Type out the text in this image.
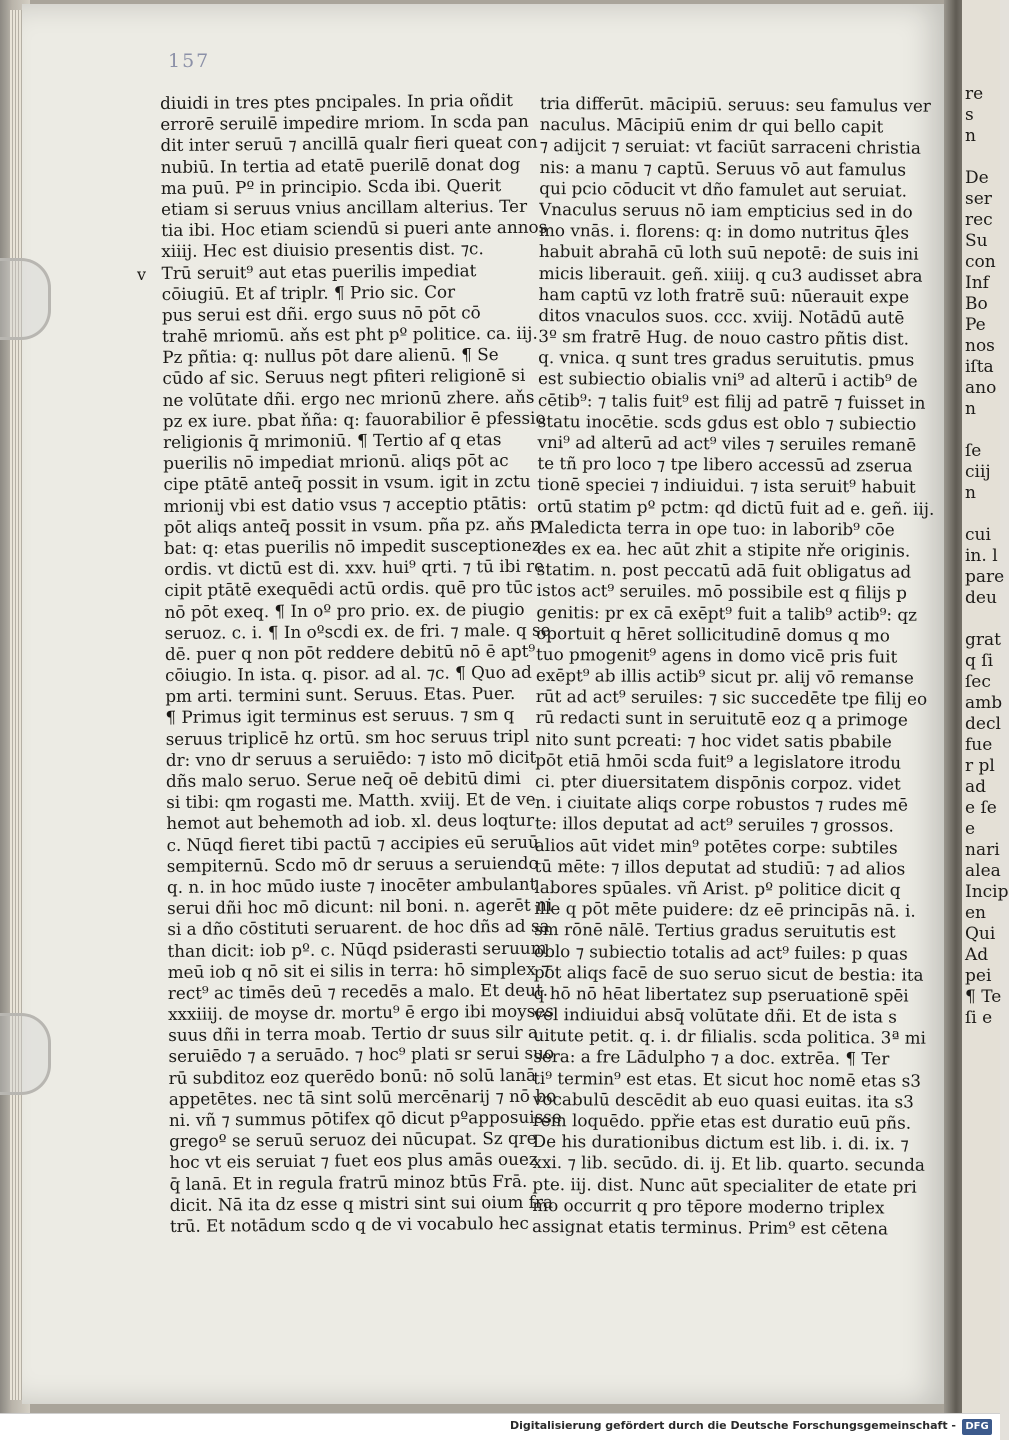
re
s
n

De
ser
rec
Su
con
Inf
Bo
Pe
nos
iſta
ano
n

ſe
ciij
n

cui
in. l
pare
deu

grat
q ſi
ſec
amb
decl
fue
r pl
ad
e ſe
e
nari
alea
Incip
en
Qui
Ad
pei
¶ Te
ſi e
157
v
diuidi in tres ptes pncipales. In pria oñdit
errorē seruilē impedire mriom. In scda pan
dit inter seruū ⁊ ancillā qualr fieri queat con
nubiū. In tertia ad etatē puerilē donat dog
ma puū. Pº in principio. Scda ibi. Querit
etiam si seruus vnius ancillam alterius. Ter
tia ibi. Hoc etiam sciendū si pueri ante annos
xiiij. Hec est diuisio presentis dist. ⁊c.
Trū seruit⁹ aut etas puerilis impediat
cōiugiū. Et af triplr. ¶ Prio sic. Cor
pus serui est dñi. ergo suus nō pōt cō
trahē mriomū. aňs est pht pº politice. ca. iij.
Pz pñtia: q: nullus pōt dare alienū. ¶ Se
cūdo af sic. Seruus negt pfiteri religionē si
ne volūtate dñi. ergo nec mrionū zhere. aňs
pz ex iure. pbat ňña: q: fauorabilior ē pfessio
religionis q̄ mrimoniū. ¶ Tertio af q etas
puerilis nō impediat mrionū. aliqs pōt ac
cipe ptātē anteq̄ possit in vsum. igit in zctu
mrionij vbi est datio vsus ⁊ acceptio ptātis:
pōt aliqs anteq̄ possit in vsum. pña pz. aňs p
bat: q: etas puerilis nō impedit susceptionez
ordis. vt dictū est di. xxv. hui⁹ qrti. ⁊ tū ibi re
cipit ptātē exequēdi actū ordis. quē pro tūc
nō pōt exeq. ¶ In oº pro prio. ex. de piugio
seruoz. c. i. ¶ In oºscdi ex. de fri. ⁊ male. q se
dē. puer q non pōt reddere debitū nō ē apt⁹
cōiugio. In ista. q. pisor. ad al. ⁊c. ¶ Quo ad
pm arti. termini sunt. Seruus. Etas. Puer.
¶ Primus igit terminus est seruus. ⁊ sm q
seruus triplicē hz ortū. sm hoc seruus tripl
dr: vno dr seruus a seruiēdo: ⁊ isto mō dicit
dñs malo seruo. Serue neq̄ oē debitū dimi
si tibi: qm rogasti me. Matth. xviij. Et de ve
hemot aut behemoth ad iob. xl. deus loqtur
c. Nūqd fieret tibi pactū ⁊ accipies eū seruū
sempiternū. Scdo mō dr seruus a seruiendo
q. n. in hoc mūdo iuste ⁊ inocēter ambulant
serui dñi hoc mō dicunt: nil boni. n. agerēt ni
si a dño cōstituti seruarent. de hoc dñs ad sa
than dicit: iob pº. c. Nūqd psiderasti seruum
meū iob q nō sit ei silis in terra: hō simplex ⁊
rect⁹ ac timēs deū ⁊ recedēs a malo. Et deut.
xxxiiij. de moyse dr. mortu⁹ ē ergo ibi moyses
suus dñi in terra moab. Tertio dr suus silr a
seruiēdo ⁊ a seruādo. ⁊ hoc⁹ plati sr serui suo
rū subditoz eoz querēdo bonū: nō solū lanā
appetētes. nec tā sint solū mercēnarij ⁊ nō bo
ni. vñ ⁊ summus pōtifex qō dicut pºapposuisse
gregoº se seruū seruoz dei nūcupat. Sz qre
hoc vt eis seruiat ⁊ fuet eos plus amās ouez
q̄ lanā. Et in regula fratrū minoz btūs Frā.
dicit. Nā ita dz esse q mistri sint sui oium fra
trū. Et notādum scdo q de vi vocabulo hec
tria differūt. mācipiū. seruus: seu famulus ver
naculus. Mācipiū enim dr qui bello capit
⁊ adijcit ⁊ seruiat: vt faciūt sarraceni christia
nis: a manu ⁊ captū. Seruus vō aut famulus
qui pcio cōducit vt dño famulet aut seruiat.
Vnaculus seruus nō iam empticius sed in do
mo vnās. i. florens: q: in domo nutritus q̄les
habuit abrahā cū loth suū nepotē: de suis ini
micis liberauit. geñ. xiiij. q cu3 audisset abra
ham captū vz loth fratrē suū: nūerauit expe
ditos vnaculos suos. ccc. xviij. Notādū autē
3º sm fratrē Hug. de nouo castro pñtis dist.
q. vnica. q sunt tres gradus seruitutis. pmus
est subiectio obialis vni⁹ ad alterū i actib⁹ de
cētib⁹: ⁊ talis fuit⁹ est filij ad patrē ⁊ fuisset in
statu inocētie. scds gdus est oblo ⁊ subiectio
vni⁹ ad alterū ad act⁹ viles ⁊ seruiles remanē
te tñ pro loco ⁊ tpe libero accessū ad zserua
tionē speciei ⁊ indiuidui. ⁊ ista seruit⁹ habuit
ortū statim pº pctm: qd dictū fuit ad e. geñ. iij.
Maledicta terra in ope tuo: in laborib⁹ cōe
des ex ea. hec aūt zhit a stipite nře originis.
statim. n. post peccatū adā fuit obligatus ad
istos act⁹ seruiles. mō possibile est q filijs p
genitis: pr ex cā exēpt⁹ fuit a talib⁹ actib⁹: qz
oportuit q hēret sollicitudinē domus q mo
tuo pmogenit⁹ agens in domo vicē pris fuit
exēpt⁹ ab illis actib⁹ sicut pr. alij vō remanse
rūt ad act⁹ seruiles: ⁊ sic succedēte tpe filij eo
rū redacti sunt in seruitutē eoz q a primoge
nito sunt pcreati: ⁊ hoc videt satis pbabile
pōt etiā hmōi scda fuit⁹ a legislatore itrodu
ci. pter diuersitatem dispōnis corpoz. videt
n. i ciuitate aliqs corpe robustos ⁊ rudes mē
te: illos deputat ad act⁹ seruiles ⁊ grossos.
alios aūt videt min⁹ potētes corpe: subtiles
tū mēte: ⁊ illos deputat ad studiū: ⁊ ad alios
labores spūales. vñ Arist. pº politice dicit q
ille q pōt mēte puidere: dz eē principās nā. i.
sm rōnē nālē. Tertius gradus seruitutis est
oblo ⁊ subiectio totalis ad act⁹ fuiles: p quas
pōt aliqs facē de suo seruo sicut de bestia: ita
q hō nō hēat libertatez sup pseruationē spēi
vel indiuidui absq̄ volūtate dñi. Et de ista s
uitute petit. q. i. dr filialis. scda politica. 3ª mi
sera: a fre Lādulpho ⁊ a doc. extrēa. ¶ Ter
ti⁹ termin⁹ est etas. Et sicut hoc nomē etas s3
vocabulū descēdit ab euo quasi euitas. ita s3
rem loquēdo. ppřie etas est duratio euū pñs.
De his durationibus dictum est lib. i. di. ix. ⁊
xxi. ⁊ lib. secūdo. di. ij. Et lib. quarto. secunda
pte. iij. dist. Nunc aūt specialiter de etate pri
mo occurrit q pro tēpore moderno triplex
assignat etatis terminus. Prim⁹ est cētena
Digitalisierung gefördert durch die Deutsche Forschungsgemeinschaft - DFG
